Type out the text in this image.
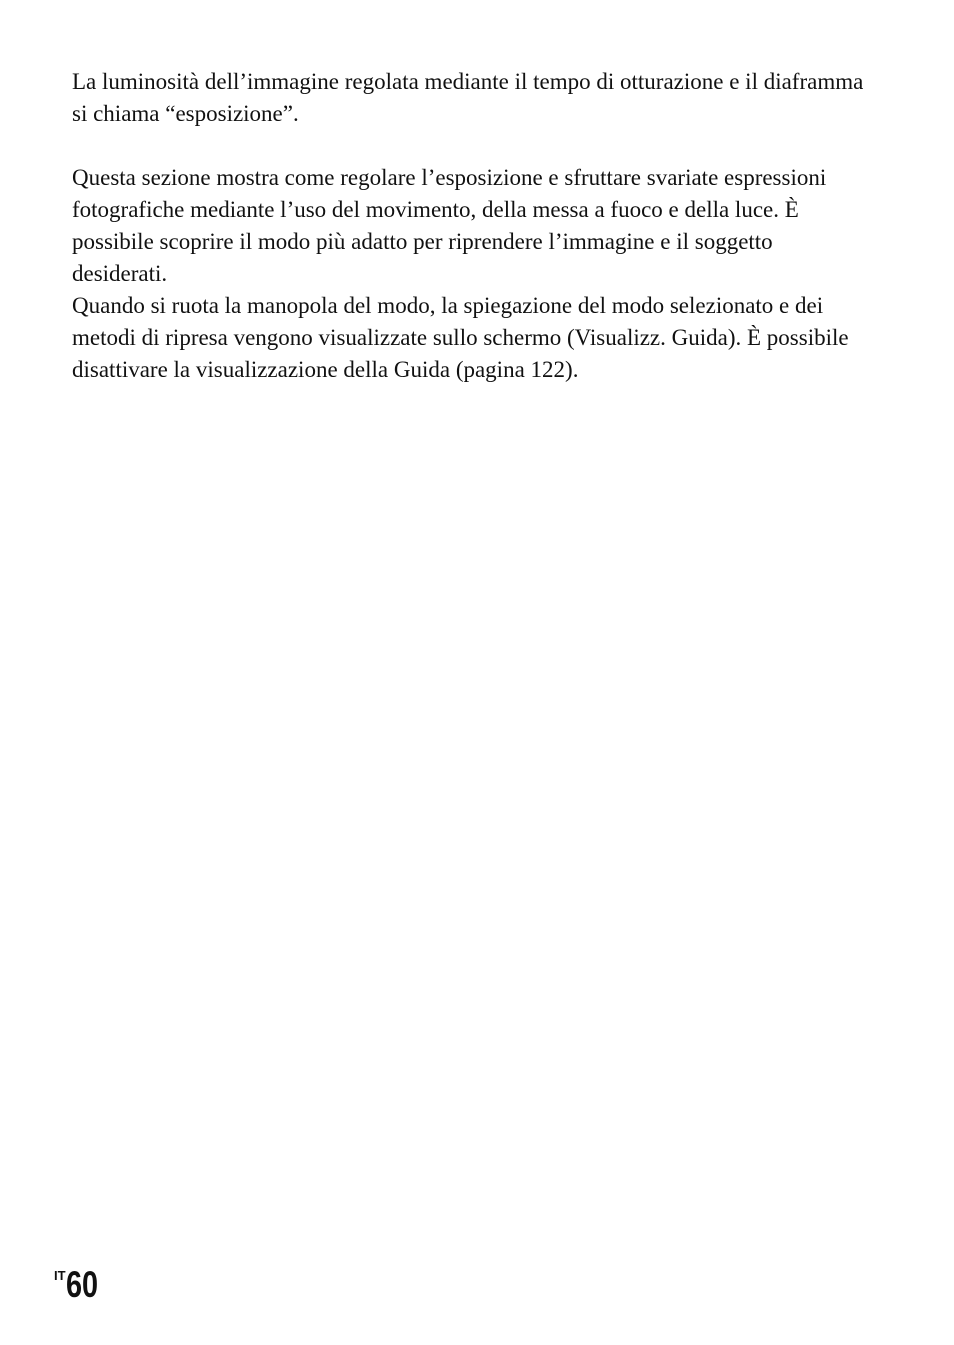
La luminosità dell’immagine regolata mediante il tempo di otturazione e il diaframma si chiama “esposizione”.

Questa sezione mostra come regolare l’esposizione e sfruttare svariate espressioni fotografiche mediante l’uso del movimento, della messa a fuoco e della luce. È possibile scoprire il modo più adatto per riprendere l’immagine e il soggetto desiderati.

Quando si ruota la manopola del modo, la spiegazione del modo selezionato e dei metodi di ripresa vengono visualizzate sullo schermo (Visualizz. Guida). È possibile disattivare la visualizzazione della Guida (pagina 122).

$^{IT}$60
